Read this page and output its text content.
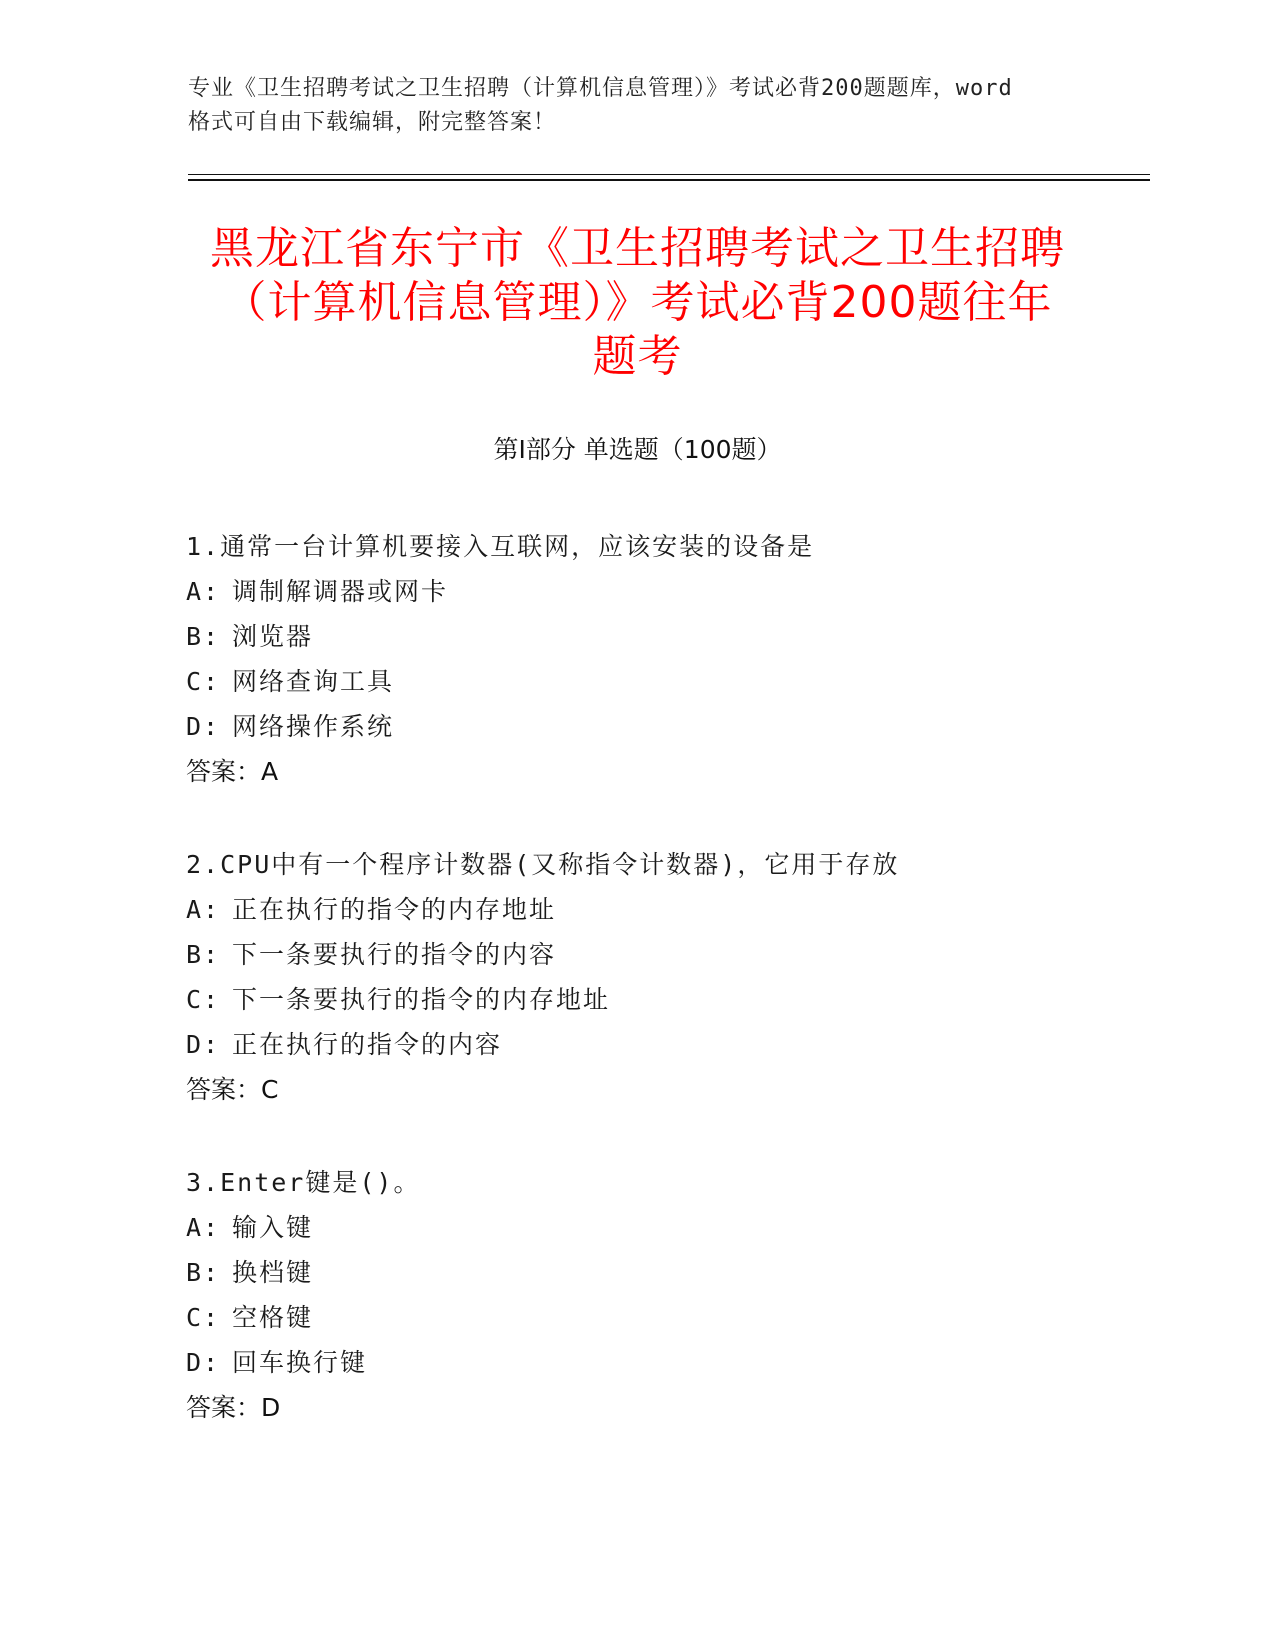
专业《卫生招聘考试之卫生招聘（计算机信息管理）》考试必背200题题库，word
格式可自由下载编辑，附完整答案！
黑龙江省东宁市《卫生招聘考试之卫生招聘
（计算机信息管理）》考试必背200题往年
题考
第Ⅰ部分 单选题（100题）
1.通常一台计算机要接入互联网，应该安装的设备是
A: 调制解调器或网卡
B: 浏览器
C: 网络查询工具
D: 网络操作系统
答案：A
2.CPU中有一个程序计数器(又称指令计数器)，它用于存放
A: 正在执行的指令的内存地址
B: 下一条要执行的指令的内容
C: 下一条要执行的指令的内存地址
D: 正在执行的指令的内容
答案：C
3.Enter键是()。
A: 输入键
B: 换档键
C: 空格键
D: 回车换行键
答案：D
